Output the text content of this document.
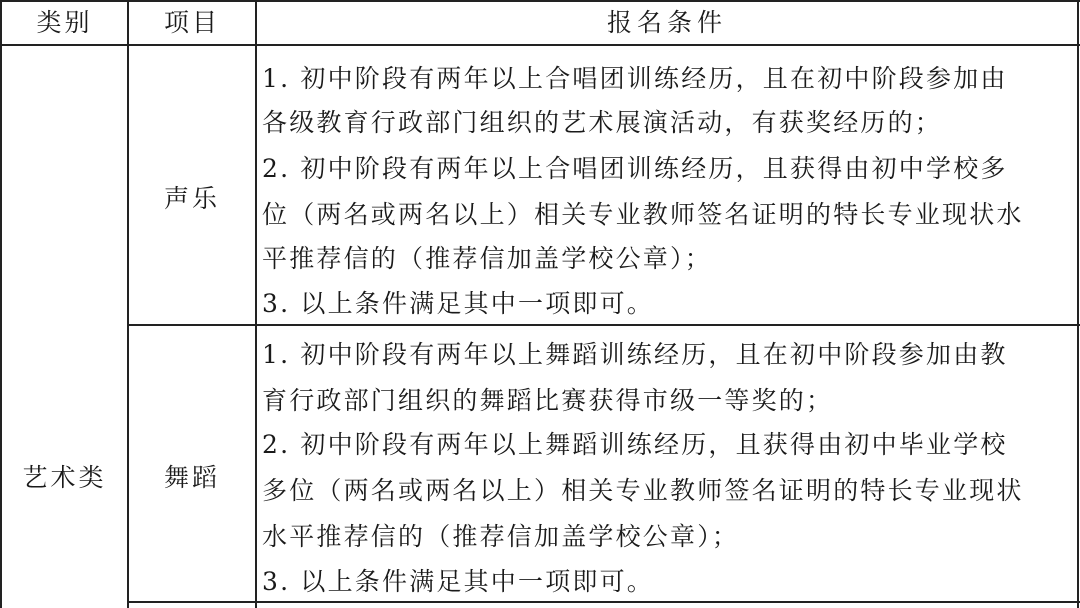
类别	项目	报名条件
艺术类
声乐
1. 初中阶段有两年以上合唱团训练经历，且在初中阶段参加由
各级教育行政部门组织的艺术展演活动，有获奖经历的；
2. 初中阶段有两年以上合唱团训练经历，且获得由初中学校多
位（两名或两名以上）相关专业教师签名证明的特长专业现状水
平推荐信的（推荐信加盖学校公章）；
3. 以上条件满足其中一项即可。
舞蹈
1. 初中阶段有两年以上舞蹈训练经历，且在初中阶段参加由教
育行政部门组织的舞蹈比赛获得市级一等奖的；
2. 初中阶段有两年以上舞蹈训练经历，且获得由初中毕业学校
多位（两名或两名以上）相关专业教师签名证明的特长专业现状
水平推荐信的（推荐信加盖学校公章）；
3. 以上条件满足其中一项即可。
